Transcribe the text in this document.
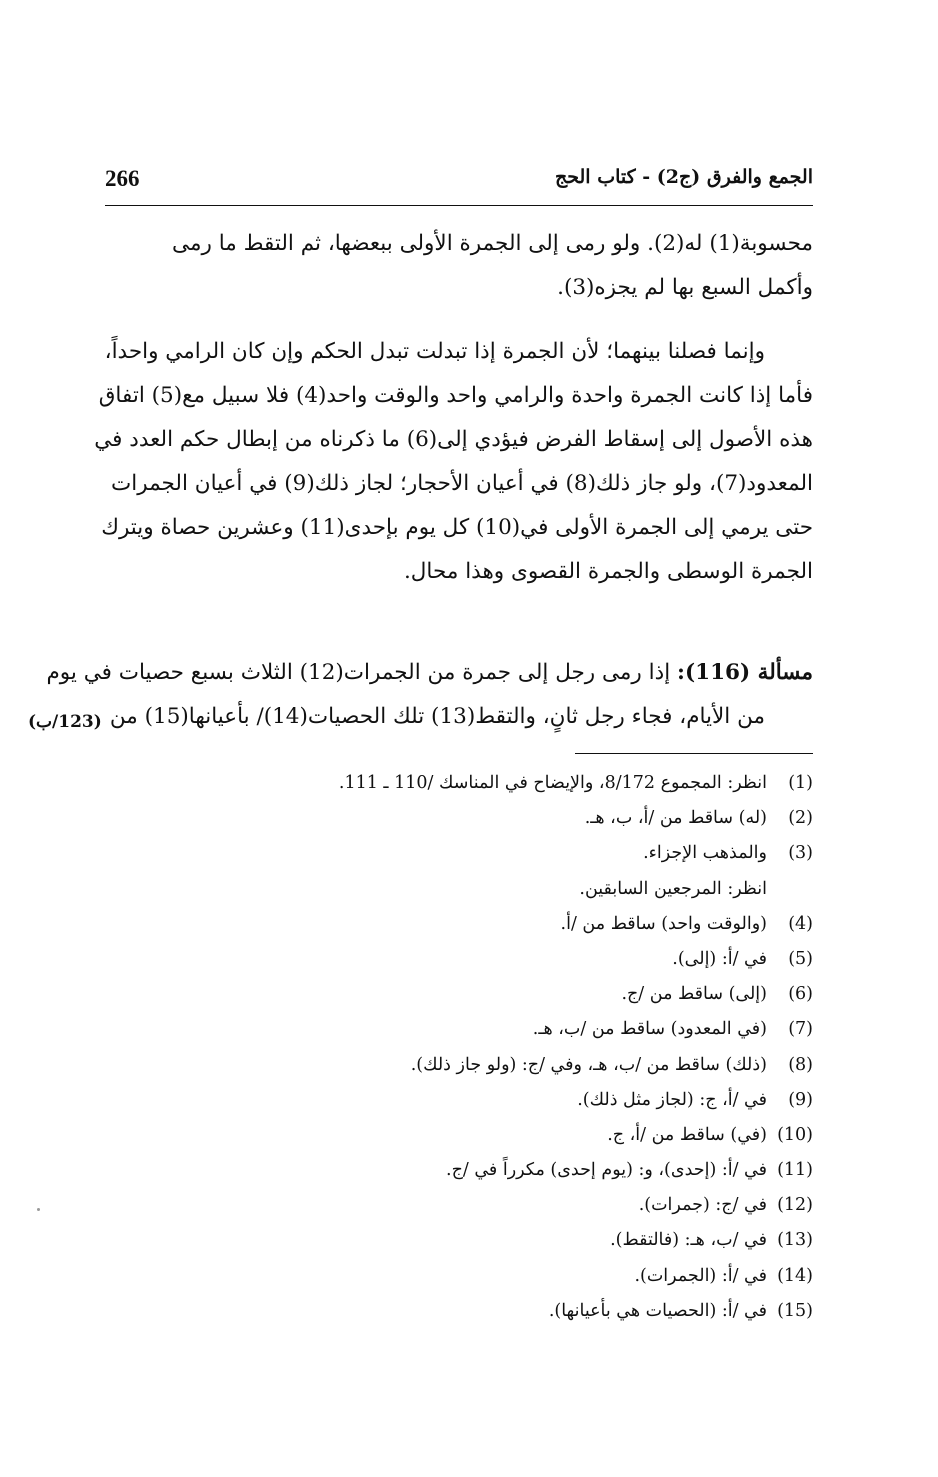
266	الجمع والفرق (ج2) - كتاب الحج
محسوبة(1) له(2). ولو رمى إلى الجمرة الأولى ببعضها، ثم التقط ما رمى
وأكمل السبع بها لم يجزه(3).
وإنما فصلنا بينهما؛ لأن الجمرة إذا تبدلت تبدل الحكم وإن كان الرامي واحداً،
فأما إذا كانت الجمرة واحدة والرامي واحد والوقت واحد(4) فلا سبيل مع(5) اتفاق
هذه الأصول إلى إسقاط الفرض فيؤدي إلى(6) ما ذكرناه من إبطال حكم العدد في
المعدود(7)، ولو جاز ذلك(8) في أعيان الأحجار؛ لجاز ذلك(9) في أعيان الجمرات
حتى يرمي إلى الجمرة الأولى في(10) كل يوم بإحدى(11) وعشرين حصاة ويترك
الجمرة الوسطى والجمرة القصوى وهذا محال.
مسألة (116): إذا رمى رجل إلى جمرة من الجمرات(12) الثلاث بسبع حصيات في يوم
من الأيام، فجاء رجل ثانٍ، والتقط(13) تلك الحصيات(14)/ بأعيانها(15) من
(123/ب)
(1)
انظر: المجموع 8/172، والإيضاح في المناسك /110 ـ 111.
(2)
(له) ساقط من /أ، ب، هـ.
(3)
والمذهب الإجزاء.
انظر: المرجعين السابقين.
(4)
(والوقت واحد) ساقط من /أ.
(5)
في /أ: (إلى).
(6)
(إلى) ساقط من /ج.
(7)
(في المعدود) ساقط من /ب، هـ.
(8)
(ذلك) ساقط من /ب، هـ، وفي /ج: (ولو جاز ذلك).
(9)
في /أ، ج: (لجاز مثل ذلك).
(10)
(في) ساقط من /أ، ج.
(11)
في /أ: (إحدى)، و: (يوم إحدى) مكرراً في /ج.
(12)
في /ج: (جمرات).
(13)
في /ب، هـ: (فالتقط).
(14)
في /أ: (الجمرات).
(15)
في /أ: (الحصيات هي بأعيانها).
